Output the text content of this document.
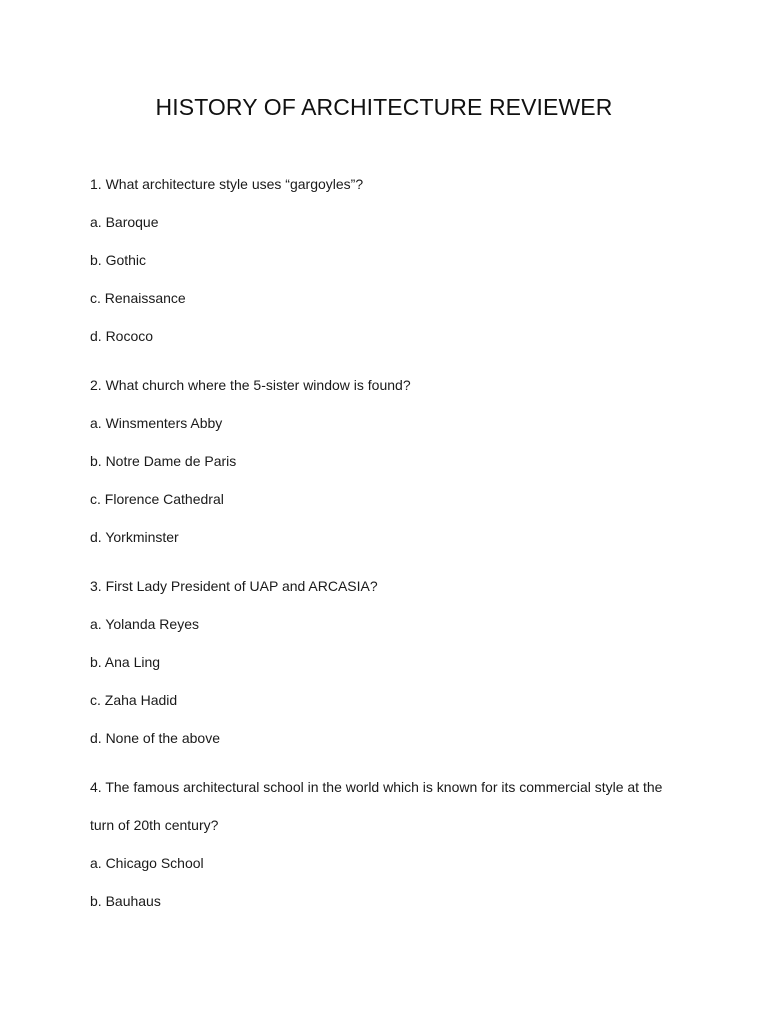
HISTORY OF ARCHITECTURE REVIEWER

1. What architecture style uses “gargoyles”?

a. Baroque
b. Gothic
c. Renaissance
d. Rococo

2. What church where the 5-sister window is found?

a. Winsmenters Abby
b. Notre Dame de Paris
c. Florence Cathedral
d. Yorkminster

3. First Lady President of UAP and ARCASIA?

a. Yolanda Reyes
b. Ana Ling
c. Zaha Hadid
d. None of the above

4. The famous architectural school in the world which is known for its commercial style at the turn of 20th century?

a. Chicago School
b. Bauhaus
